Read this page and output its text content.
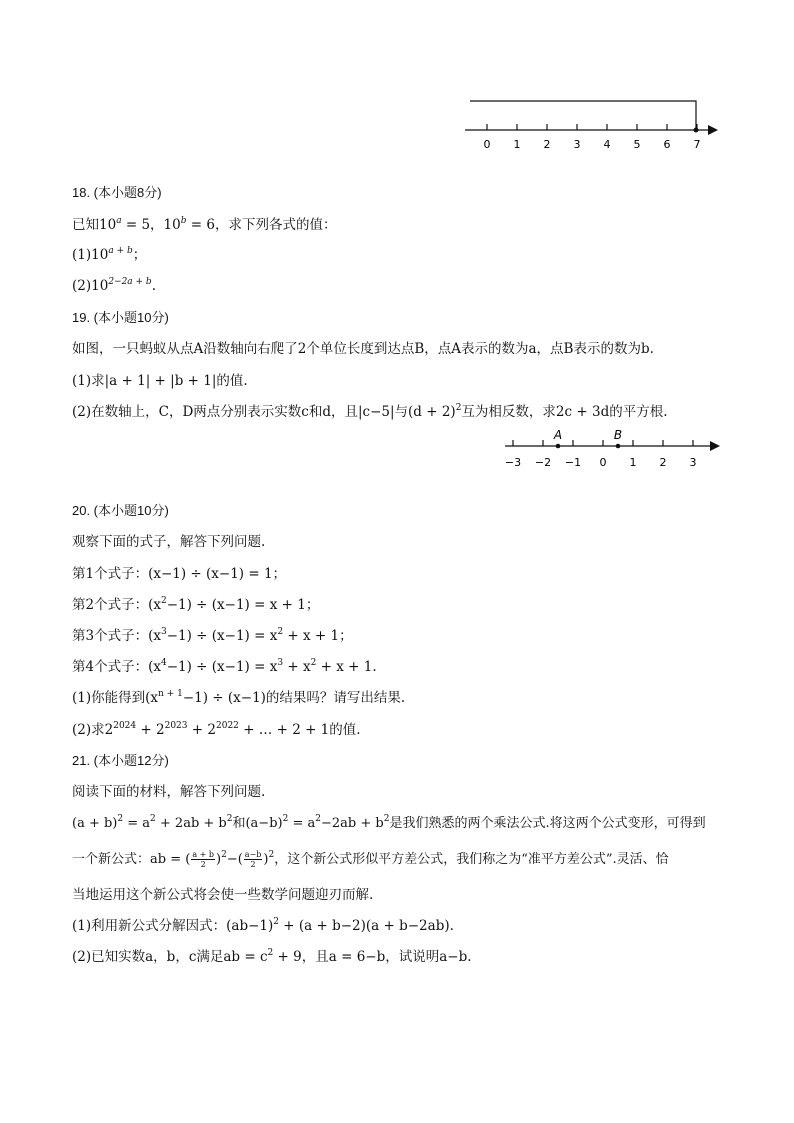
0 1 2 3 4 5 6 7

18. (本小题8分)

已知$10^a = 5$，$10^b = 6$，求下列各式的值：

$(1)10^{a + b}$；

$(2)10^{2-2a + b}$.

19. (本小题10分)

如图，一只蚂蚁从点A沿数轴向右爬了2个单位长度到达点B，点A表示的数为a，点B表示的数为b.

(1)求|a + 1| + |b + 1|的值.

(2)在数轴上，C，D两点分别表示实数c和d，且|c−5|与$(d + 2)^2$互为相反数，求2c + 3d的平方根.

−3 −2 −1 0 1 2 3
A	B

20. (本小题10分)

观察下面的式子，解答下列问题.

第1个式子：(x−1) ÷ (x−1) = 1；

第2个式子：$(x^2-1) \div (x-1) = x + 1$；

第3个式子：$(x^3-1) \div (x-1) = x^2 + x + 1$；

第4个式子：$(x^4-1) \div (x-1) = x^3 + x^2 + x + 1$.

(1)你能得到$(x^{n + 1}-1) \div (x-1)$的结果吗？请写出结果.

(2)求$2^{2024} + 2^{2023} + 2^{2022}$ + … + 2 + 1的值.

21. (本小题12分)

阅读下面的材料，解答下列问题.

$(a + b)^2 = a^2 + 2ab + b^2$和$(a-b)^2 = a^2-2ab + b^2$是我们熟悉的两个乘法公式.将这两个公式变形，可得到

一个新公式：ab = ( $\frac{a + b}{2} )^2-( \frac{a-b}{2} )^2$，这个新公式形似平方差公式，我们称之为“准平方差公式”.灵活、恰

当地运用这个新公式将会使一些数学问题迎刃而解.

(1)利用新公式分解因式：$(ab-1)^2 + (a + b-2)(a + b-2ab)$.

(2)已知实数a，b，c满足ab = $c^2 + 9$，且a = 6−b，试说明a−b.
